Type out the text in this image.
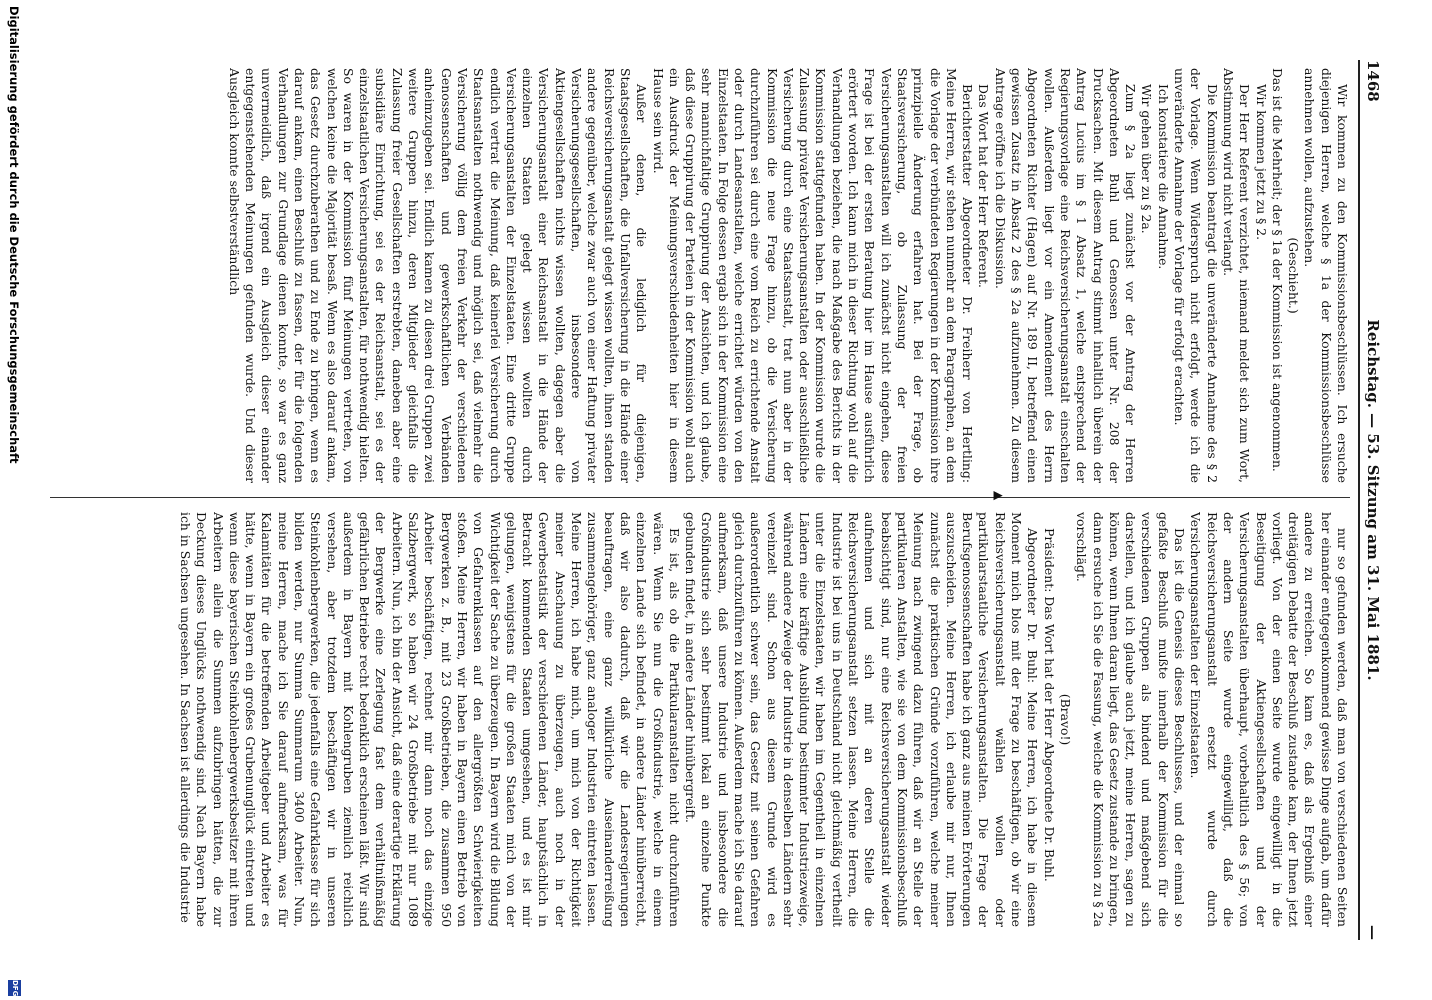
1468
Reichstag. — 53. Sitzung am 31. Mai 1881.
—

Wir kommen zu den Kommissionsbeschlüssen. Ich ersuche diejenigen Herren, welche § 1a der Kommissionsbeschlüsse annehmen wollen, aufzustehen.

(Geschieht.)

Das ist die Mehrheit; der § 1a der Kommission ist angenommen.

Wir kommen jetzt zu § 2.

Der Herr Referent verzichtet, niemand meldet sich zum Wort, Abstimmung wird nicht verlangt.

Die Kommission beantragt die unveränderte Annahme des § 2 der Vorlage. Wenn Widerspruch nicht erfolgt, werde ich die unveränderte Annahme der Vorlage für erfolgt erachten.

Ich konstatiere die Annahme.

Wir gehen über zu § 2a.

Zum § 2a liegt zunächst vor der Antrag der Herren Abgeordneten Buhl und Genossen unter Nr. 208 der Drucksachen. Mit diesem Antrag stimmt inhaltlich überein der Antrag Lucius im § 1 Absatz 1, welche entsprechend der Regierungsvorlage eine Reichsversicherungsanstalt einschalten wollen. Außerdem liegt vor ein Amendement des Herrn Abgeordneten Richter (Hagen) auf Nr. 189 II, betreffend einen gewissen Zusatz in Absatz 2 des § 2a aufzunehmen. Zu diesem Antrage eröffne ich die Diskussion.

Das Wort hat der Herr Referent.

Berichterstatter Abgeordneter Dr. Freiherr von Hertling: Meine Herren, wir stehen nunmehr an dem Paragraphen, an dem die Vorlage der verbündeten Regierungen in der Kommission ihre prinzipielle Änderung erfahren hat. Bei der Frage, ob Staatsversicherung, ob Zulassung der freien Versicherungsanstalten will ich zunächst nicht eingehen, diese Frage ist bei der ersten Beratung hier im Hause ausführlich erörtert worden. Ich kann mich in dieser Richtung wohl auf die Verhandlungen beziehen, die nach Maßgabe des Berichts in der Kommission stattgefunden haben. In der Kommission wurde die Zulassung privater Versicherungsanstalten oder ausschließliche Versicherung durch eine Staatsanstalt, trat nun aber in der Kommission die neue Frage hinzu, ob die Versicherung durchzuführen sei durch eine vom Reich zu errichtende Anstalt oder durch Landesanstalten, welche errichtet würden von den Einzelstaaten. In Folge dessen ergab sich in der Kommission eine sehr mannichfaltige Gruppirung der Ansichten, und ich glaube, daß diese Gruppirung der Parteien in der Kommission wohl auch ein Ausdruck der Meinungsverschiedenheiten hier in diesem Hause sein wird.

Außer denen, die lediglich für diejenigen, Staatsgesellschaften, die Unfallversicherung in die Hände einer Reichsversicherungsanstalt gelegt wissen wollten, ihnen standen andere gegenüber, welche zwar auch von einer Haftung privater Versicherungsgesellschaften, insbesondere von Aktiengesellschaften nichts wissen wollten, dagegen aber die Versicherungsanstalt einer Reichsanstalt in die Hände der einzelnen Staaten gelegt wissen wollten durch Versicherungsanstalten der Einzelstaaten. Eine dritte Gruppe endlich vertrat die Meinung, daß keinerlei Versicherung durch Staatsanstalten nothwendig und möglich sei, daß vielmehr die Versicherung völlig dem freien Verkehr der verschiedenen Genossenschaften und gewerkschaftlichen Verbänden anheimzugeben sei. Endlich kamen zu diesen drei Gruppen zwei weitere Gruppen hinzu, deren Mitglieder gleichfalls die Zulassung freier Gesellschaften erstrebten, daneben aber eine subsidiäre Einrichtung, sei es der Reichsanstalt, sei es der einzelstaatlichen Versicherungsanstalten, für nothwendig hielten. So waren in der Kommission fünf Meinungen vertreten, von welchen keine die Majorität besaß. Wenn es also darauf ankam, das Gesetz durchzuberathen und zu Ende zu bringen, wenn es darauf ankam, einen Beschluß zu fassen, der für die folgenden Verhandlungen zur Grundlage dienen konnte, so war es ganz unvermeidlich, daß irgend ein Ausgleich dieser einander entgegenstehenden Meinungen gefunden wurde. Und dieser Ausgleich konnte selbstverständlich

▲

nur so gefunden werden, daß man von verschiedenen Seiten her einander entgegenkommend gewisse Dinge aufgab, um dafür andere zu erreichen. So kam es, daß als Ergebniß einer dreitägigen Debatte der Beschluß zustande kam, der Ihnen jetzt vorliegt. Von der einen Seite wurde eingewilligt in die Beseitigung der Aktiengesellschaften und der Versicherungsanstalten überhaupt, vorbehaltlich des § 56; von der andern Seite wurde eingewilligt, daß die Reichsversicherungsanstalt ersetzt wurde durch Versicherungsanstalten der Einzelstaaten.

Das ist die Genesis dieses Beschlusses, und der einmal so gefaßte Beschluß mußte innerhalb der Kommission für die verschiedenen Gruppen als bindend und maßgebend sich darstellen, und ich glaube auch jetzt, meine Herren, sagen zu können, wenn Ihnen daran liegt, das Gesetz zustande zu bringen, dann ersuche ich Sie die Fassung, welche die Kommission zu § 2a vorschlägt.

(Bravo!)

Präsident: Das Wort hat der Herr Abgeordnete Dr. Buhl.

Abgeordneter Dr. Buhl: Meine Herren, ich habe in diesem Moment mich blos mit der Frage zu beschäftigen, ob wir eine Reichsversicherungsanstalt wählen wollen oder partikularstaatliche Versicherungsanstalten. Die Frage der Berufsgenossenschaften habe ich ganz aus meinen Erörterungen auszuscheiden. Meine Herren, ich erlaube mir nur, Ihnen zunächst die praktischen Gründe vorzuführen, welche meiner Meinung nach zwingend dazu führen, daß wir an Stelle der partikularen Anstalten, wie sie von dem Kommissionsbeschluß beabsichtigt sind, nur eine Reichsversicherungsanstalt wieder aufnehmen und sich mit an deren Stelle die Reichsversicherungsanstalt setzen lassen. Meine Herren, die Industrie ist bei uns in Deutschland nicht gleichmäßig vertheilt unter die Einzelstaaten, wir haben im Gegentheil in einzelnen Ländern eine kräftige Ausbildung bestimmter Industriezweige, während andere Zweige der Industrie in denselben Ländern sehr vereinzelt sind. Schon aus diesem Grunde wird es außerordentlich schwer sein, das Gesetz mit seinen Gefahren gleich durchzuführen zu können. Außerdem mache ich Sie darauf aufmerksam, daß unsere Industrie und insbesondere die Großindustrie sich sehr bestimmt lokal an einzelne Punkte gebunden findet, in andere Länder hinübergreift.

Es ist, als ob die Partikularanstalten nicht durchzuführen wären. Wenn Sie nun die Großindustrie, welche in einem einzelnen Lande sich befindet, in andere Länder hinüberreicht, daß wir also dadurch, daß wir die Landesregierungen beauftragen, eine ganz willkürliche Auseinanderreißung zusammengehöriger, ganz analoger Industrien eintreten lassen. Meine Herren, ich habe mich, um mich von der Richtigkeit meiner Anschauung zu überzeugen, auch noch in der Gewerbestatistik der verschiedenen Länder, hauptsächlich in Betracht kommenden Staaten umgesehen, und es ist mir gelungen, wenigstens für die großen Staaten mich von der Wichtigkeit der Sache zu überzeugen. In Bayern wird die Bildung von Gefahrenklassen auf den allergrößten Schwierigkeiten stoßen. Meine Herren, wir haben in Bayern einen Betrieb von Bergwerken z. B., mit 23 Großbetrieben, die zusammen 950 Arbeiter beschäftigen, rechnet mir dann noch das einzige Salzbergwerk, so haben wir 24 Großbetriebe mit nur 1089 Arbeitern. Nun, ich bin der Ansicht, daß eine derartige Erklärung der Bergwerke eine Zerlegung fast dem verhältnißmäßig gefährlichen Betriebe recht bedenklich erscheinen läßt. Wir sind außerdem in Bayern mit Kohlengruben ziemlich reichlich versehen, aber trotzdem beschäftigen wir in unseren Steinkohlenbergwerken, die jedenfalls eine Gefahrklasse für sich bilden werden, nur Summa Summarum 3400 Arbeiter. Nun, meine Herren, mache ich Sie darauf aufmerksam, was für Kalamitäten für die betreffenden Arbeitgeber und Arbeiter es hätte, wenn in Bayern ein großes Grubenunglück eintreten und wenn diese bayerischen Steinkohlenbergwerksbesitzer mit ihren Arbeitern allein die Summen aufzubringen hätten, die zur Deckung dieses Unglücks nothwendig sind. Nach Bayern habe ich in Sachsen ungesehen. In Sachsen ist allerdings die Industrie

Digitalisierung gefördert durch die Deutsche Forschungsgemeinschaft
DFG
